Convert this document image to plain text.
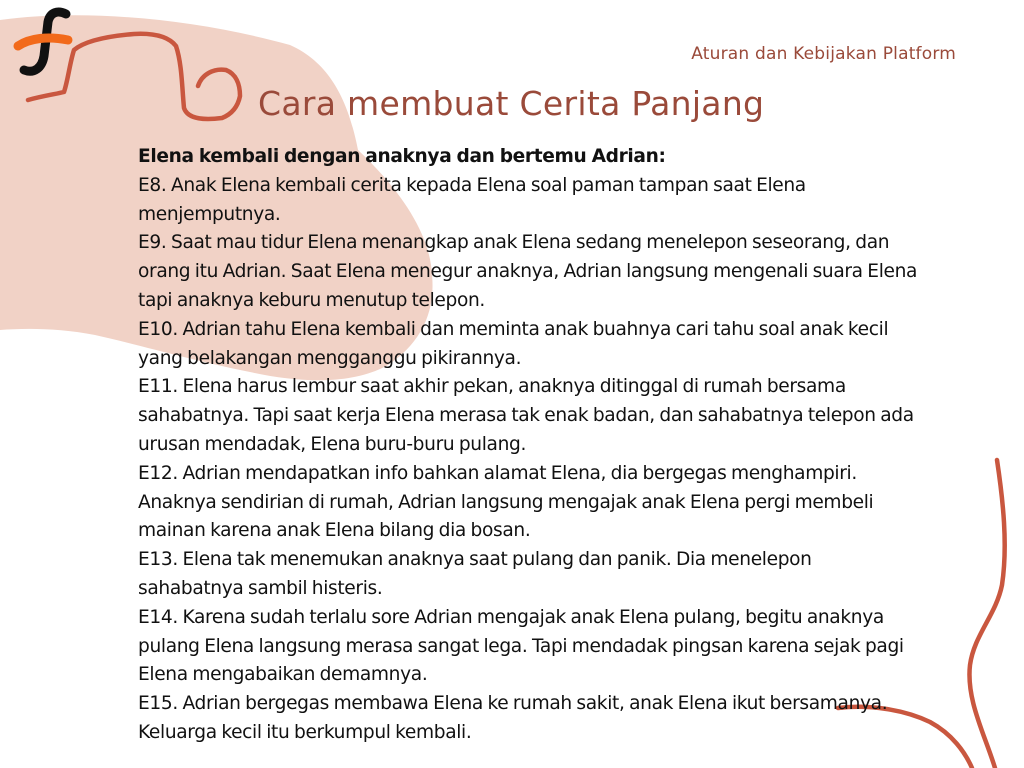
Aturan dan Kebijakan Platform
Cara membuat Cerita Panjang

Elena kembali dengan anaknya dan bertemu Adrian:

E8. Anak Elena kembali cerita kepada Elena soal paman tampan saat Elena menjemputnya.

E9. Saat mau tidur Elena menangkap anak Elena sedang menelepon seseorang, dan orang itu Adrian. Saat Elena menegur anaknya, Adrian langsung mengenali suara Elena tapi anaknya keburu menutup telepon.

E10. Adrian tahu Elena kembali dan meminta anak buahnya cari tahu soal anak kecil yang belakangan mengganggu pikirannya.

E11. Elena harus lembur saat akhir pekan, anaknya ditinggal di rumah bersama sahabatnya. Tapi saat kerja Elena merasa tak enak badan, dan sahabatnya telepon ada urusan mendadak, Elena buru-buru pulang.

E12. Adrian mendapatkan info bahkan alamat Elena, dia bergegas menghampiri. Anaknya sendirian di rumah, Adrian langsung mengajak anak Elena pergi membeli mainan karena anak Elena bilang dia bosan.

E13. Elena tak menemukan anaknya saat pulang dan panik. Dia menelepon sahabatnya sambil histeris.

E14. Karena sudah terlalu sore Adrian mengajak anak Elena pulang, begitu anaknya pulang Elena langsung merasa sangat lega. Tapi mendadak pingsan karena sejak pagi Elena mengabaikan demamnya.

E15. Adrian bergegas membawa Elena ke rumah sakit, anak Elena ikut bersamanya. Keluarga kecil itu berkumpul kembali.
